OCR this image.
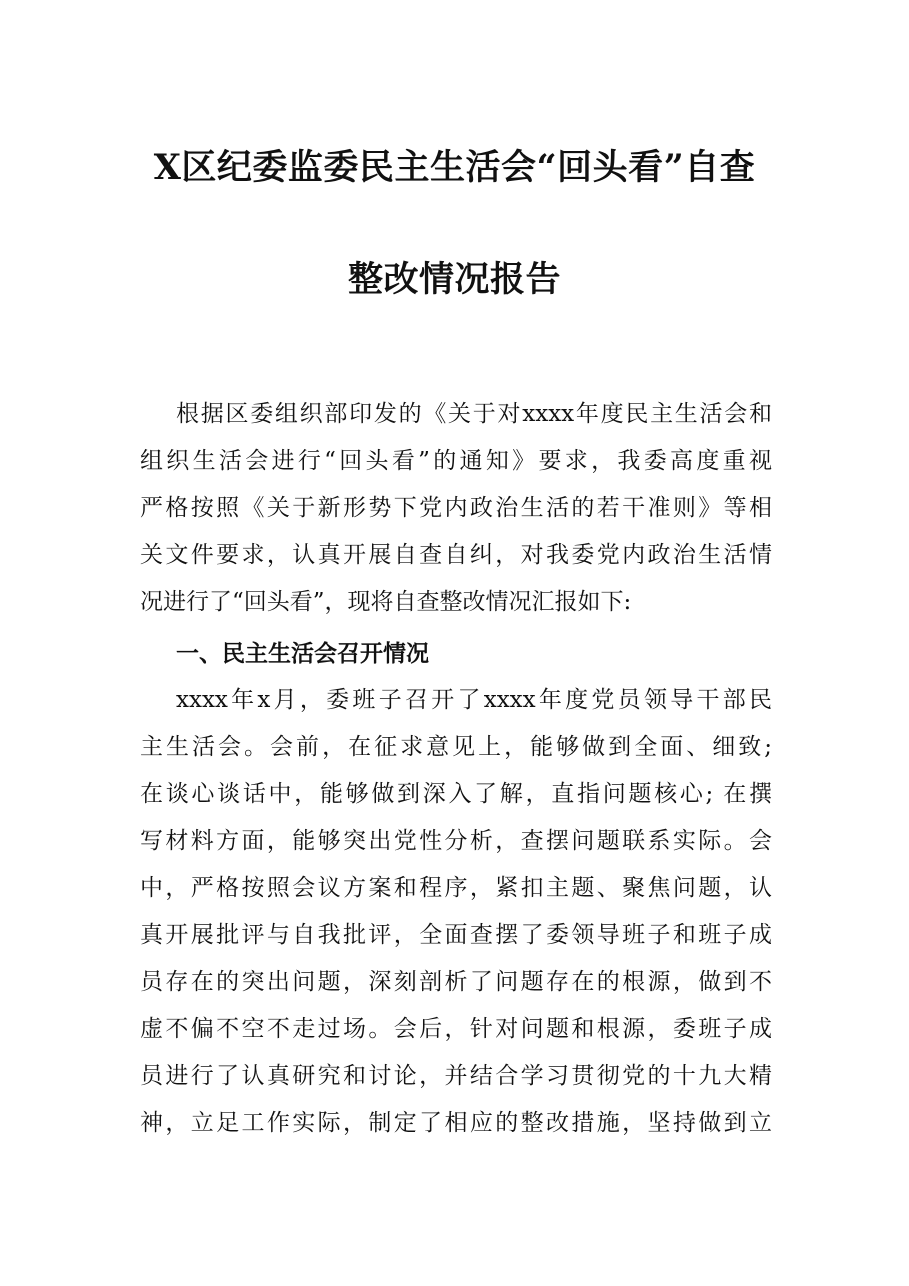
X区纪委监委民主生活会“回头看”自查
整改情况报告
根据区委组织部印发的《关于对xxxx年度民主生活会和
组织生活会进行“回头看”的通知》要求，我委高度重视
严格按照《关于新形势下党内政治生活的若干准则》等相
关文件要求，认真开展自查自纠，对我委党内政治生活情
况进行了“回头看”，现将自查整改情况汇报如下:
一、民主生活会召开情况
xxxx年x月，委班子召开了xxxx年度党员领导干部民
主生活会。会前，在征求意见上，能够做到全面、细致;
在谈心谈话中，能够做到深入了解，直指问题核心; 在撰
写材料方面，能够突出党性分析，查摆问题联系实际。会
中，严格按照会议方案和程序，紧扣主题、聚焦问题，认
真开展批评与自我批评，全面查摆了委领导班子和班子成
员存在的突出问题，深刻剖析了问题存在的根源，做到不
虚不偏不空不走过场。会后，针对问题和根源，委班子成
员进行了认真研究和讨论，并结合学习贯彻党的十九大精
神，立足工作实际，制定了相应的整改措施，坚持做到立
